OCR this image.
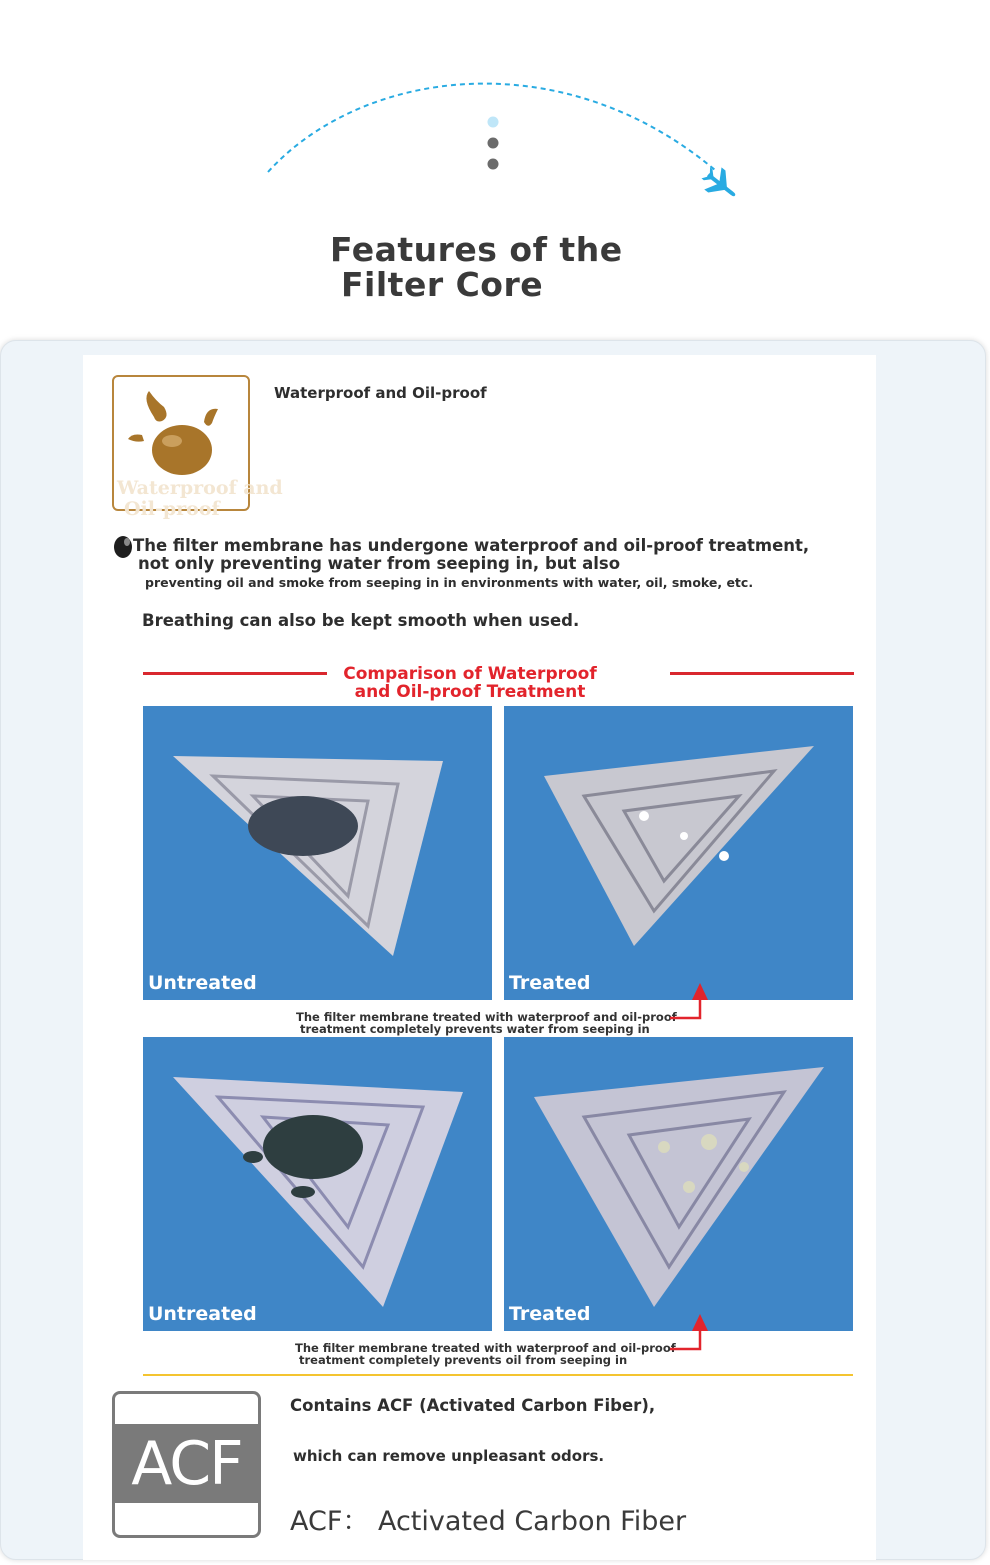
Features of the
Filter Core
Waterproof and
Oil-proof
Waterproof and Oil-proof
The filter membrane has undergone waterproof and oil-proof treatment,
not only preventing water from seeping in, but also
preventing oil and smoke from seeping in in environments with water, oil, smoke, etc.
Breathing can also be kept smooth when used.
Comparison of Waterproof
and Oil-proof Treatment
Untreated	Treated
The filter membrane treated with waterproof and oil-proof
treatment completely prevents water from seeping in
Untreated	Treated
The filter membrane treated with waterproof and oil-proof
treatment completely prevents oil from seeping in
ACF
Contains ACF (Activated Carbon Fiber),
which can remove unpleasant odors.
ACF： Activated Carbon Fiber
